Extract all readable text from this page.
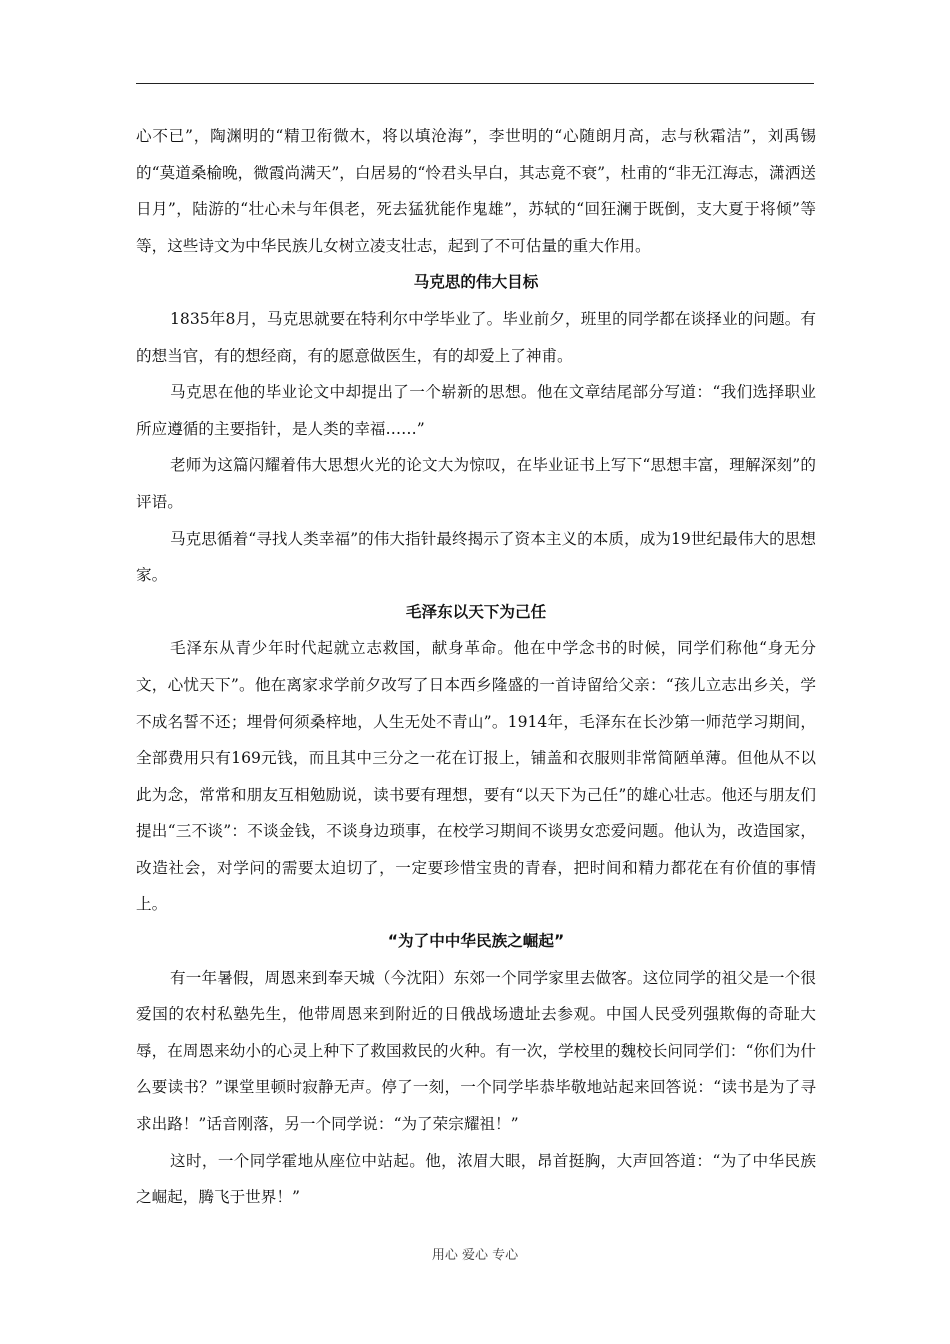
心不已”，陶渊明的“精卫衔微木，将以填沧海”，李世明的“心随朗月高，志与秋霜洁”，刘禹锡的“莫道桑榆晚，微霞尚满天”，白居易的“怜君头早白，其志竟不衰”，杜甫的“非无江海志，潇洒送日月”，陆游的“壮心未与年俱老，死去猛犹能作鬼雄”，苏轼的“回狂澜于既倒，支大夏于将倾”等等，这些诗文为中华民族儿女树立凌支壮志，起到了不可估量的重大作用。

马克思的伟大目标

1835年8月，马克思就要在特利尔中学毕业了。毕业前夕，班里的同学都在谈择业的问题。有的想当官，有的想经商，有的愿意做医生，有的却爱上了神甫。

马克思在他的毕业论文中却提出了一个崭新的思想。他在文章结尾部分写道：“我们选择职业所应遵循的主要指针，是人类的幸福……”

老师为这篇闪耀着伟大思想火光的论文大为惊叹，在毕业证书上写下“思想丰富，理解深刻”的评语。

马克思循着“寻找人类幸福”的伟大指针最终揭示了资本主义的本质，成为19世纪最伟大的思想家。

毛泽东以天下为己任

毛泽东从青少年时代起就立志救国，献身革命。他在中学念书的时候，同学们称他“身无分文，心忧天下”。他在离家求学前夕改写了日本西乡隆盛的一首诗留给父亲：“孩儿立志出乡关，学不成名誓不还；埋骨何须桑梓地，人生无处不青山”。1914年，毛泽东在长沙第一师范学习期间，全部费用只有169元钱，而且其中三分之一花在订报上，铺盖和衣服则非常简陋单薄。但他从不以此为念，常常和朋友互相勉励说，读书要有理想，要有“以天下为己任”的雄心壮志。他还与朋友们提出“三不谈”：不谈金钱，不谈身边琐事，在校学习期间不谈男女恋爱问题。他认为，改造国家，改造社会，对学问的需要太迫切了，一定要珍惜宝贵的青春，把时间和精力都花在有价值的事情上。

“为了中中华民族之崛起”

有一年暑假，周恩来到奉天城（今沈阳）东郊一个同学家里去做客。这位同学的祖父是一个很爱国的农村私塾先生，他带周恩来到附近的日俄战场遗址去参观。中国人民受列强欺侮的奇耻大辱，在周恩来幼小的心灵上种下了救国救民的火种。有一次，学校里的魏校长问同学们：“你们为什么要读书？”课堂里顿时寂静无声。停了一刻，一个同学毕恭毕敬地站起来回答说：“读书是为了寻求出路！”话音刚落，另一个同学说：“为了荣宗耀祖！”

这时，一个同学霍地从座位中站起。他，浓眉大眼，昂首挺胸，大声回答道：“为了中华民族之崛起，腾飞于世界！”

用心 爱心 专心
